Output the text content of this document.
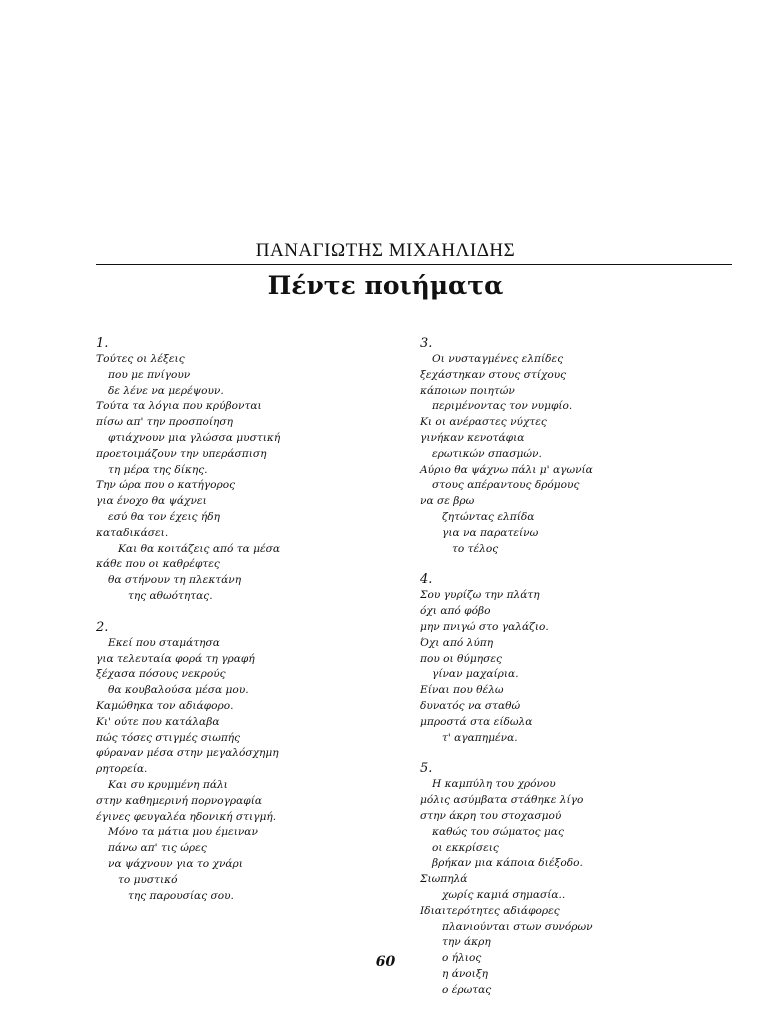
ΠΑΝΑΓΙΩΤΗΣ ΜΙΧΑΗΛΙΔΗΣ
Πέντε ποιήματα
1.
Τούτες οι λέξεις
που με πνίγουν
δε λένε να μερέψουν.
Τούτα τα λόγια που κρύβονται
πίσω απ' την προσποίηση
φτιάχνουν μια γλώσσα μυστική
προετοιμάζουν την υπεράσπιση
τη μέρα της δίκης.
Την ώρα που ο κατήγορος
για ένοχο θα ψάχνει
εσύ θα τον έχεις ήδη
καταδικάσει.
Και θα κοιτάζεις από τα μέσα
κάθε που οι καθρέφτες
θα στήνουν τη πλεκτάνη
της αθωότητας.
2.
Εκεί που σταμάτησα
για τελευταία φορά τη γραφή
ξέχασα πόσους νεκρούς
θα κουβαλούσα μέσα μου.
Καμώθηκα τον αδιάφορο.
Κι' ούτε που κατάλαβα
πώς τόσες στιγμές σιωπής
φύραναν μέσα στην μεγαλόσχημη
ρητορεία.
Και συ κρυμμένη πάλι
στην καθημερινή πορνογραφία
έγινες φευγαλέα ηδονική στιγμή.
Μόνο τα μάτια μου έμειναν
πάνω απ' τις ώρες
να ψάχνουν για το χνάρι
το μυστικό
της παρουσίας σου.
3.
Οι νυσταγμένες ελπίδες
ξεχάστηκαν στους στίχους
κάποιων ποιητών
περιμένοντας τον νυμφίο.
Κι οι ανέραστες νύχτες
γινήκαν κενοτάφια
ερωτικών σπασμών.
Αύριο θα ψάχνω πάλι μ' αγωνία
στους απέραντους δρόμους
να σε βρω
ζητώντας ελπίδα
για να παρατείνω
το τέλος
4.
Σου γυρίζω την πλάτη
όχι από φόβο
μην πνιγώ στο γαλάζιο.
Όχι από λύπη
που οι θύμησες
γίναν μαχαίρια.
Είναι που θέλω
δυνατός να σταθώ
μπροστά στα είδωλα
τ' αγαπημένα.
5.
Η καμπύλη του χρόνου
μόλις ασύμβατα στάθηκε λίγο
στην άκρη του στοχασμού
καθώς του σώματος μας
οι εκκρίσεις
βρήκαν μια κάποια διέξοδο.
Σιωπηλά
χωρίς καμιά σημασία..
Ιδιαιτερότητες αδιάφορες
πλανιούνται στων συνόρων
την άκρη
ο ήλιος
η άνοιξη
ο έρωτας
60
